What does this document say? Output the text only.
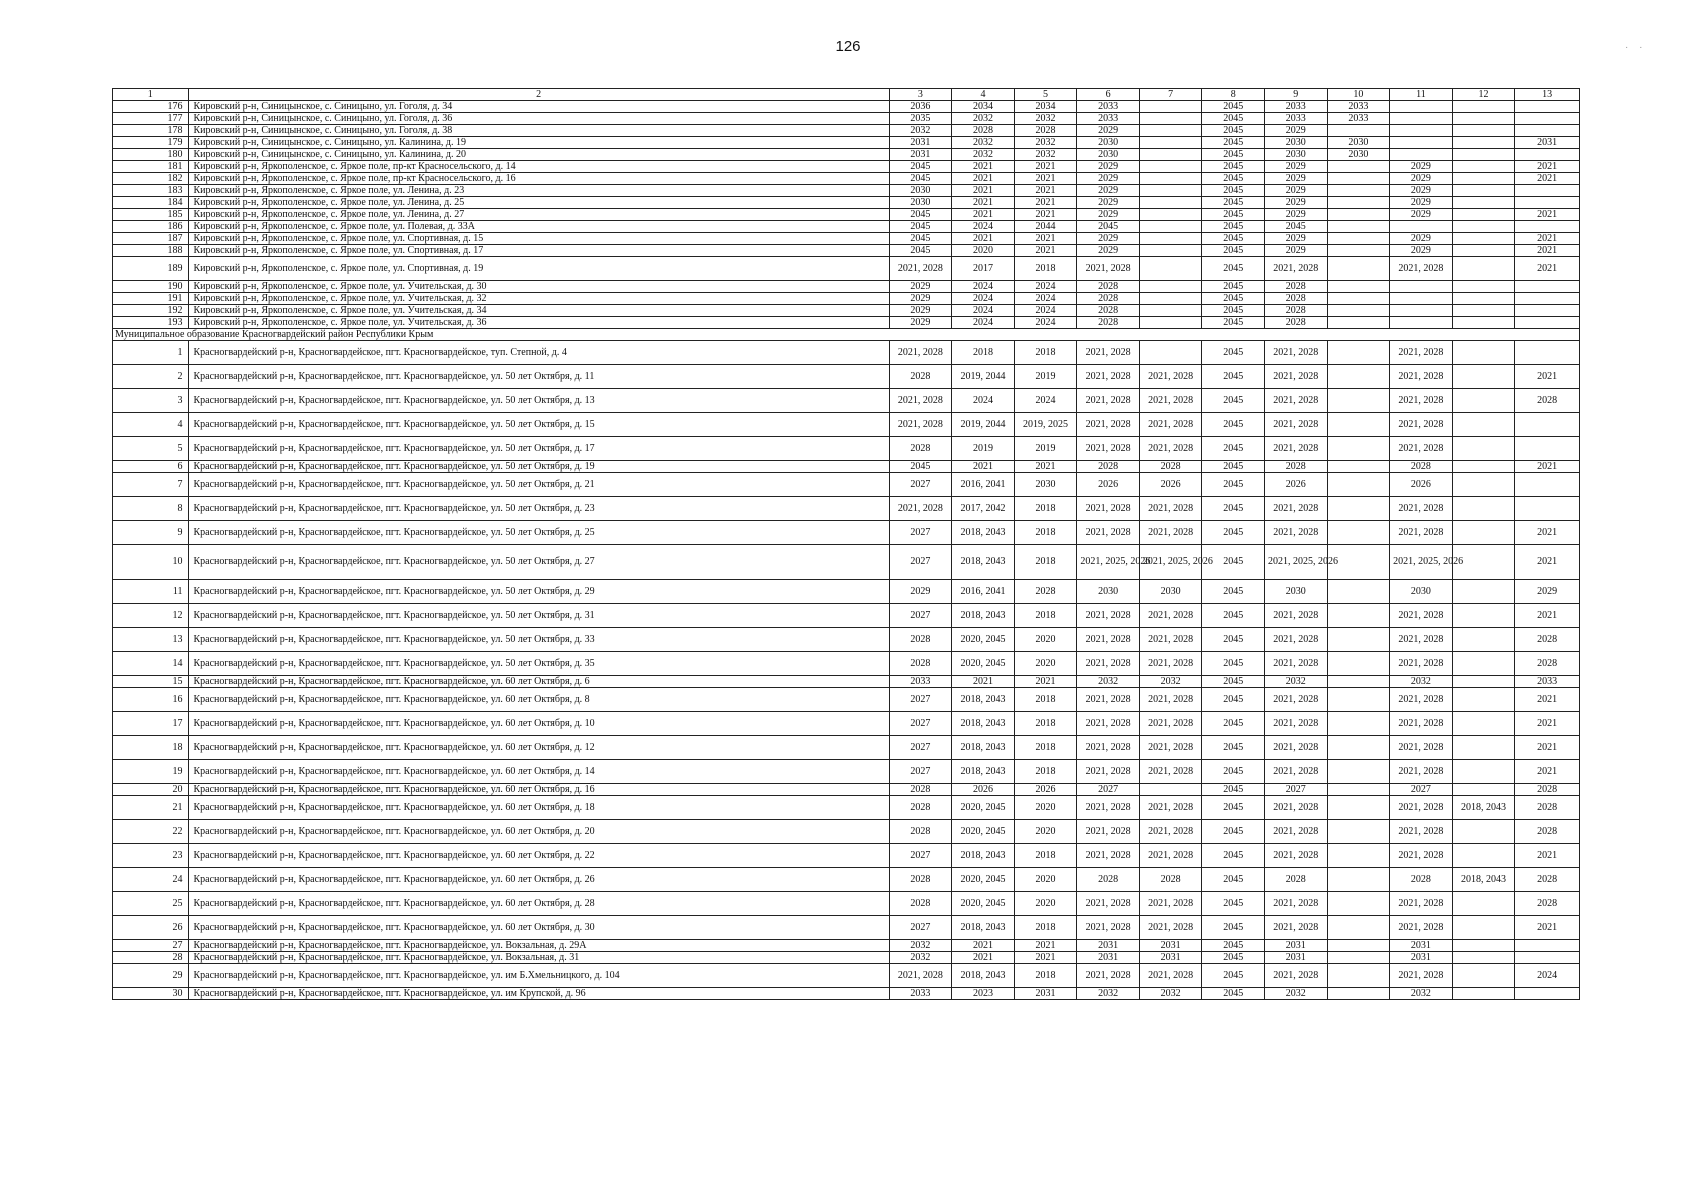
126	· ·
1	2	3	4	5	6	7	8	9	10	11	12	13
176	Кировский р-н, Синицынское, с. Синицыно, ул. Гоголя, д. 34	2036	2034	2034	2033		2045	2033	2033			
177	Кировский р-н, Синицынское, с. Синицыно, ул. Гоголя, д. 36	2035	2032	2032	2033		2045	2033	2033			
178	Кировский р-н, Синицынское, с. Синицыно, ул. Гоголя, д. 38	2032	2028	2028	2029		2045	2029				
179	Кировский р-н, Синицынское, с. Синицыно, ул. Калинина, д. 19	2031	2032	2032	2030		2045	2030	2030			2031
180	Кировский р-н, Синицынское, с. Синицыно, ул. Калинина, д. 20	2031	2032	2032	2030		2045	2030	2030			
181	Кировский р-н, Яркополенское, с. Яркое поле, пр-кт Красносельского, д. 14	2045	2021	2021	2029		2045	2029		2029		2021
182	Кировский р-н, Яркополенское, с. Яркое поле, пр-кт Красносельского, д. 16	2045	2021	2021	2029		2045	2029		2029		2021
183	Кировский р-н, Яркополенское, с. Яркое поле, ул. Ленина, д. 23	2030	2021	2021	2029		2045	2029		2029		
184	Кировский р-н, Яркополенское, с. Яркое поле, ул. Ленина, д. 25	2030	2021	2021	2029		2045	2029		2029		
185	Кировский р-н, Яркополенское, с. Яркое поле, ул. Ленина, д. 27	2045	2021	2021	2029		2045	2029		2029		2021
186	Кировский р-н, Яркополенское, с. Яркое поле, ул. Полевая, д. 33А	2045	2024	2044	2045		2045	2045				
187	Кировский р-н, Яркополенское, с. Яркое поле, ул. Спортивная, д. 15	2045	2021	2021	2029		2045	2029		2029		2021
188	Кировский р-н, Яркополенское, с. Яркое поле, ул. Спортивная, д. 17	2045	2020	2021	2029		2045	2029		2029		2021
189	Кировский р-н, Яркополенское, с. Яркое поле, ул. Спортивная, д. 19	2021, 2028	2017	2018	2021, 2028		2045	2021, 2028		2021, 2028		2021
190	Кировский р-н, Яркополенское, с. Яркое поле, ул. Учительская, д. 30	2029	2024	2024	2028		2045	2028				
191	Кировский р-н, Яркополенское, с. Яркое поле, ул. Учительская, д. 32	2029	2024	2024	2028		2045	2028				
192	Кировский р-н, Яркополенское, с. Яркое поле, ул. Учительская, д. 34	2029	2024	2024	2028		2045	2028				
193	Кировский р-н, Яркополенское, с. Яркое поле, ул. Учительская, д. 36	2029	2024	2024	2028		2045	2028				
Муниципальное образование Красногвардейский район Республики Крым												
1	Красногвардейский р-н, Красногвардейское, пгт. Красногвардейское, туп. Степной, д. 4	2021, 2028	2018	2018	2021, 2028		2045	2021, 2028		2021, 2028		
2	Красногвардейский р-н, Красногвардейское, пгт. Красногвардейское, ул. 50 лет Октября, д. 11	2028	2019, 2044	2019	2021, 2028	2021, 2028	2045	2021, 2028		2021, 2028		2021
3	Красногвардейский р-н, Красногвардейское, пгт. Красногвардейское, ул. 50 лет Октября, д. 13	2021, 2028	2024	2024	2021, 2028	2021, 2028	2045	2021, 2028		2021, 2028		2028
4	Красногвардейский р-н, Красногвардейское, пгт. Красногвардейское, ул. 50 лет Октября, д. 15	2021, 2028	2019, 2044	2019, 2025	2021, 2028	2021, 2028	2045	2021, 2028		2021, 2028		
5	Красногвардейский р-н, Красногвардейское, пгт. Красногвардейское, ул. 50 лет Октября, д. 17	2028	2019	2019	2021, 2028	2021, 2028	2045	2021, 2028		2021, 2028		
6	Красногвардейский р-н, Красногвардейское, пгт. Красногвардейское, ул. 50 лет Октября, д. 19	2045	2021	2021	2028	2028	2045	2028		2028		2021
7	Красногвардейский р-н, Красногвардейское, пгт. Красногвардейское, ул. 50 лет Октября, д. 21	2027	2016, 2041	2030	2026	2026	2045	2026		2026		
8	Красногвардейский р-н, Красногвардейское, пгт. Красногвардейское, ул. 50 лет Октября, д. 23	2021, 2028	2017, 2042	2018	2021, 2028	2021, 2028	2045	2021, 2028		2021, 2028		
9	Красногвардейский р-н, Красногвардейское, пгт. Красногвардейское, ул. 50 лет Октября, д. 25	2027	2018, 2043	2018	2021, 2028	2021, 2028	2045	2021, 2028		2021, 2028		2021
10	Красногвардейский р-н, Красногвардейское, пгт. Красногвардейское, ул. 50 лет Октября, д. 27	2027	2018, 2043	2018	2021, 2025, 2026	2021, 2025, 2026	2045	2021, 2025, 2026		2021, 2025, 2026		2021
11	Красногвардейский р-н, Красногвардейское, пгт. Красногвардейское, ул. 50 лет Октября, д. 29	2029	2016, 2041	2028	2030	2030	2045	2030		2030		2029
12	Красногвардейский р-н, Красногвардейское, пгт. Красногвардейское, ул. 50 лет Октября, д. 31	2027	2018, 2043	2018	2021, 2028	2021, 2028	2045	2021, 2028		2021, 2028		2021
13	Красногвардейский р-н, Красногвардейское, пгт. Красногвардейское, ул. 50 лет Октября, д. 33	2028	2020, 2045	2020	2021, 2028	2021, 2028	2045	2021, 2028		2021, 2028		2028
14	Красногвардейский р-н, Красногвардейское, пгт. Красногвардейское, ул. 50 лет Октября, д. 35	2028	2020, 2045	2020	2021, 2028	2021, 2028	2045	2021, 2028		2021, 2028		2028
15	Красногвардейский р-н, Красногвардейское, пгт. Красногвардейское, ул. 60 лет Октября, д. 6	2033	2021	2021	2032	2032	2045	2032		2032		2033
16	Красногвардейский р-н, Красногвардейское, пгт. Красногвардейское, ул. 60 лет Октября, д. 8	2027	2018, 2043	2018	2021, 2028	2021, 2028	2045	2021, 2028		2021, 2028		2021
17	Красногвардейский р-н, Красногвардейское, пгт. Красногвардейское, ул. 60 лет Октября, д. 10	2027	2018, 2043	2018	2021, 2028	2021, 2028	2045	2021, 2028		2021, 2028		2021
18	Красногвардейский р-н, Красногвардейское, пгт. Красногвардейское, ул. 60 лет Октября, д. 12	2027	2018, 2043	2018	2021, 2028	2021, 2028	2045	2021, 2028		2021, 2028		2021
19	Красногвардейский р-н, Красногвардейское, пгт. Красногвардейское, ул. 60 лет Октября, д. 14	2027	2018, 2043	2018	2021, 2028	2021, 2028	2045	2021, 2028		2021, 2028		2021
20	Красногвардейский р-н, Красногвардейское, пгт. Красногвардейское, ул. 60 лет Октября, д. 16	2028	2026	2026	2027		2045	2027		2027		2028
21	Красногвардейский р-н, Красногвардейское, пгт. Красногвардейское, ул. 60 лет Октября, д. 18	2028	2020, 2045	2020	2021, 2028	2021, 2028	2045	2021, 2028		2021, 2028	2018, 2043	2028
22	Красногвардейский р-н, Красногвардейское, пгт. Красногвардейское, ул. 60 лет Октября, д. 20	2028	2020, 2045	2020	2021, 2028	2021, 2028	2045	2021, 2028		2021, 2028		2028
23	Красногвардейский р-н, Красногвардейское, пгт. Красногвардейское, ул. 60 лет Октября, д. 22	2027	2018, 2043	2018	2021, 2028	2021, 2028	2045	2021, 2028		2021, 2028		2021
24	Красногвардейский р-н, Красногвардейское, пгт. Красногвардейское, ул. 60 лет Октября, д. 26	2028	2020, 2045	2020	2028	2028	2045	2028		2028	2018, 2043	2028
25	Красногвардейский р-н, Красногвардейское, пгт. Красногвардейское, ул. 60 лет Октября, д. 28	2028	2020, 2045	2020	2021, 2028	2021, 2028	2045	2021, 2028		2021, 2028		2028
26	Красногвардейский р-н, Красногвардейское, пгт. Красногвардейское, ул. 60 лет Октября, д. 30	2027	2018, 2043	2018	2021, 2028	2021, 2028	2045	2021, 2028		2021, 2028		2021
27	Красногвардейский р-н, Красногвардейское, пгт. Красногвардейское, ул. Вокзальная, д. 29А	2032	2021	2021	2031	2031	2045	2031		2031		
28	Красногвардейский р-н, Красногвардейское, пгт. Красногвардейское, ул. Вокзальная, д. 31	2032	2021	2021	2031	2031	2045	2031		2031		
29	Красногвардейский р-н, Красногвардейское, пгт. Красногвардейское, ул. им Б.Хмельницкого, д. 104	2021, 2028	2018, 2043	2018	2021, 2028	2021, 2028	2045	2021, 2028		2021, 2028		2024
30	Красногвардейский р-н, Красногвардейское, пгт. Красногвардейское, ул. им Крупской, д. 96	2033	2023	2031	2032	2032	2045	2032		2032		
